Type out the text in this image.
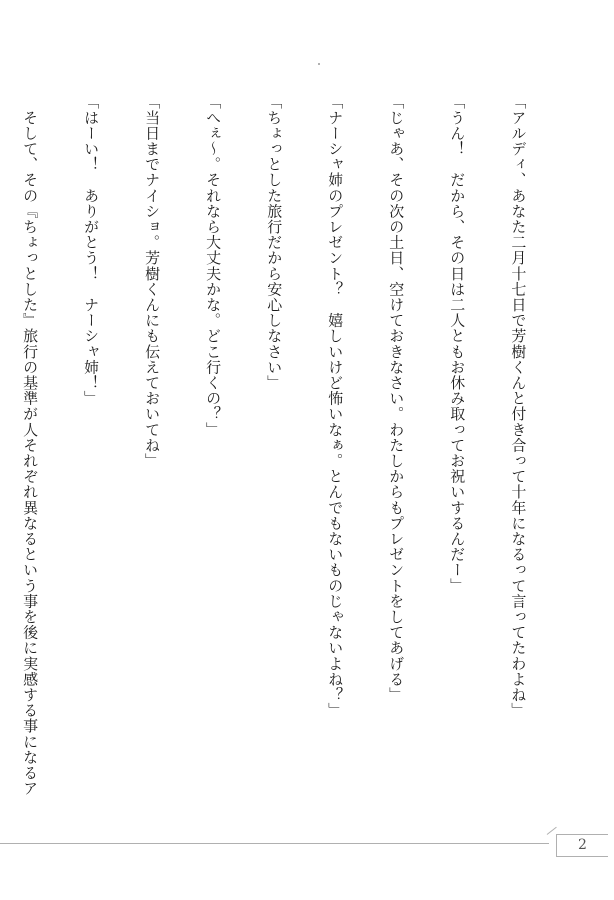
「アルディ、あなた二月十七日で芳樹くんと付き合って十年になるって言ってたわよね」

「うん！　だから、その日は二人ともお休み取ってお祝いするんだー」

「じゃあ、その次の土日、空けておきなさい。わたしからもプレゼントをしてあげる」

「ナーシャ姉のプレゼント？　嬉しいけど怖いなぁ。とんでもないものじゃないよね？」

「ちょっとした旅行だから安心しなさい」

「へぇ～。それなら大丈夫かな。どこ行くの？」

「当日までナイショ。芳樹くんにも伝えておいてね」

「はーい！　ありがとう！　ナーシャ姉！」

　そして、その『ちょっとした』旅行の基準が人それぞれ異なるという事を後に実感する事になるア

2
